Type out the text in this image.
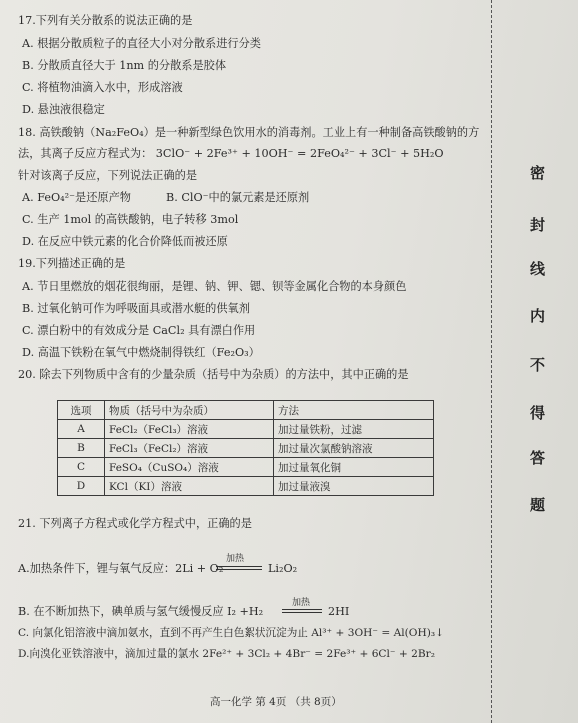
17.下列有关分散系的说法正确的是
A. 根据分散质粒子的直径大小对分散系进行分类
B. 分散质直径大于 1nm 的分散系是胶体
C. 将植物油滴入水中，形成溶液
D. 悬浊液很稳定
18. 高铁酸钠（Na₂FeO₄）是一种新型绿色饮用水的消毒剂。工业上有一种制备高铁酸钠的方
法，其离子反应方程式为： 3ClO⁻ + 2Fe³⁺ + 10OH⁻ = 2FeO₄²⁻ + 3Cl⁻ + 5H₂O
针对该离子反应，下列说法正确的是
A. FeO₄²⁻是还原产物	B. ClO⁻中的氯元素是还原剂
C. 生产 1mol 的高铁酸钠，电子转移 3mol
D. 在反应中铁元素的化合价降低而被还原
19.下列描述正确的是
A. 节日里燃放的烟花很绚丽，是锂、钠、钾、锶、钡等金属化合物的本身颜色
B. 过氧化钠可作为呼吸面具或潜水艇的供氧剂
C. 漂白粉中的有效成分是 CaCl₂ 具有漂白作用
D. 高温下铁粉在氧气中燃烧制得铁红（Fe₂O₃）
20. 除去下列物质中含有的少量杂质（括号中为杂质）的方法中，其中正确的是
选项	物质（括号中为杂质）	方法
A	FeCl₂（FeCl₃）溶液	加过量铁粉，过滤
B	FeCl₃（FeCl₂）溶液	加过量次氯酸钠溶液
C	FeSO₄（CuSO₄）溶液	加过量氧化铜
D	KCl（KI）溶液	加过量液溴
21. 下列离子方程式或化学方程式中，正确的是
A.加热条件下，锂与氧气反应：2Li + O₂
加热
Li₂O₂
B. 在不断加热下，碘单质与氢气缓慢反应 I₂ +H₂
加热
2HI
C. 向氯化铝溶液中滴加氨水，直到不再产生白色絮状沉淀为止 Al³⁺ + 3OH⁻ = Al(OH)₃↓
D.向溴化亚铁溶液中，滴加过量的氯水 2Fe²⁺ + 3Cl₂ + 4Br⁻ = 2Fe³⁺ + 6Cl⁻ + 2Br₂
密
封
线
内
不
得
答
题
高一化学 第 4页 （共 8页）
